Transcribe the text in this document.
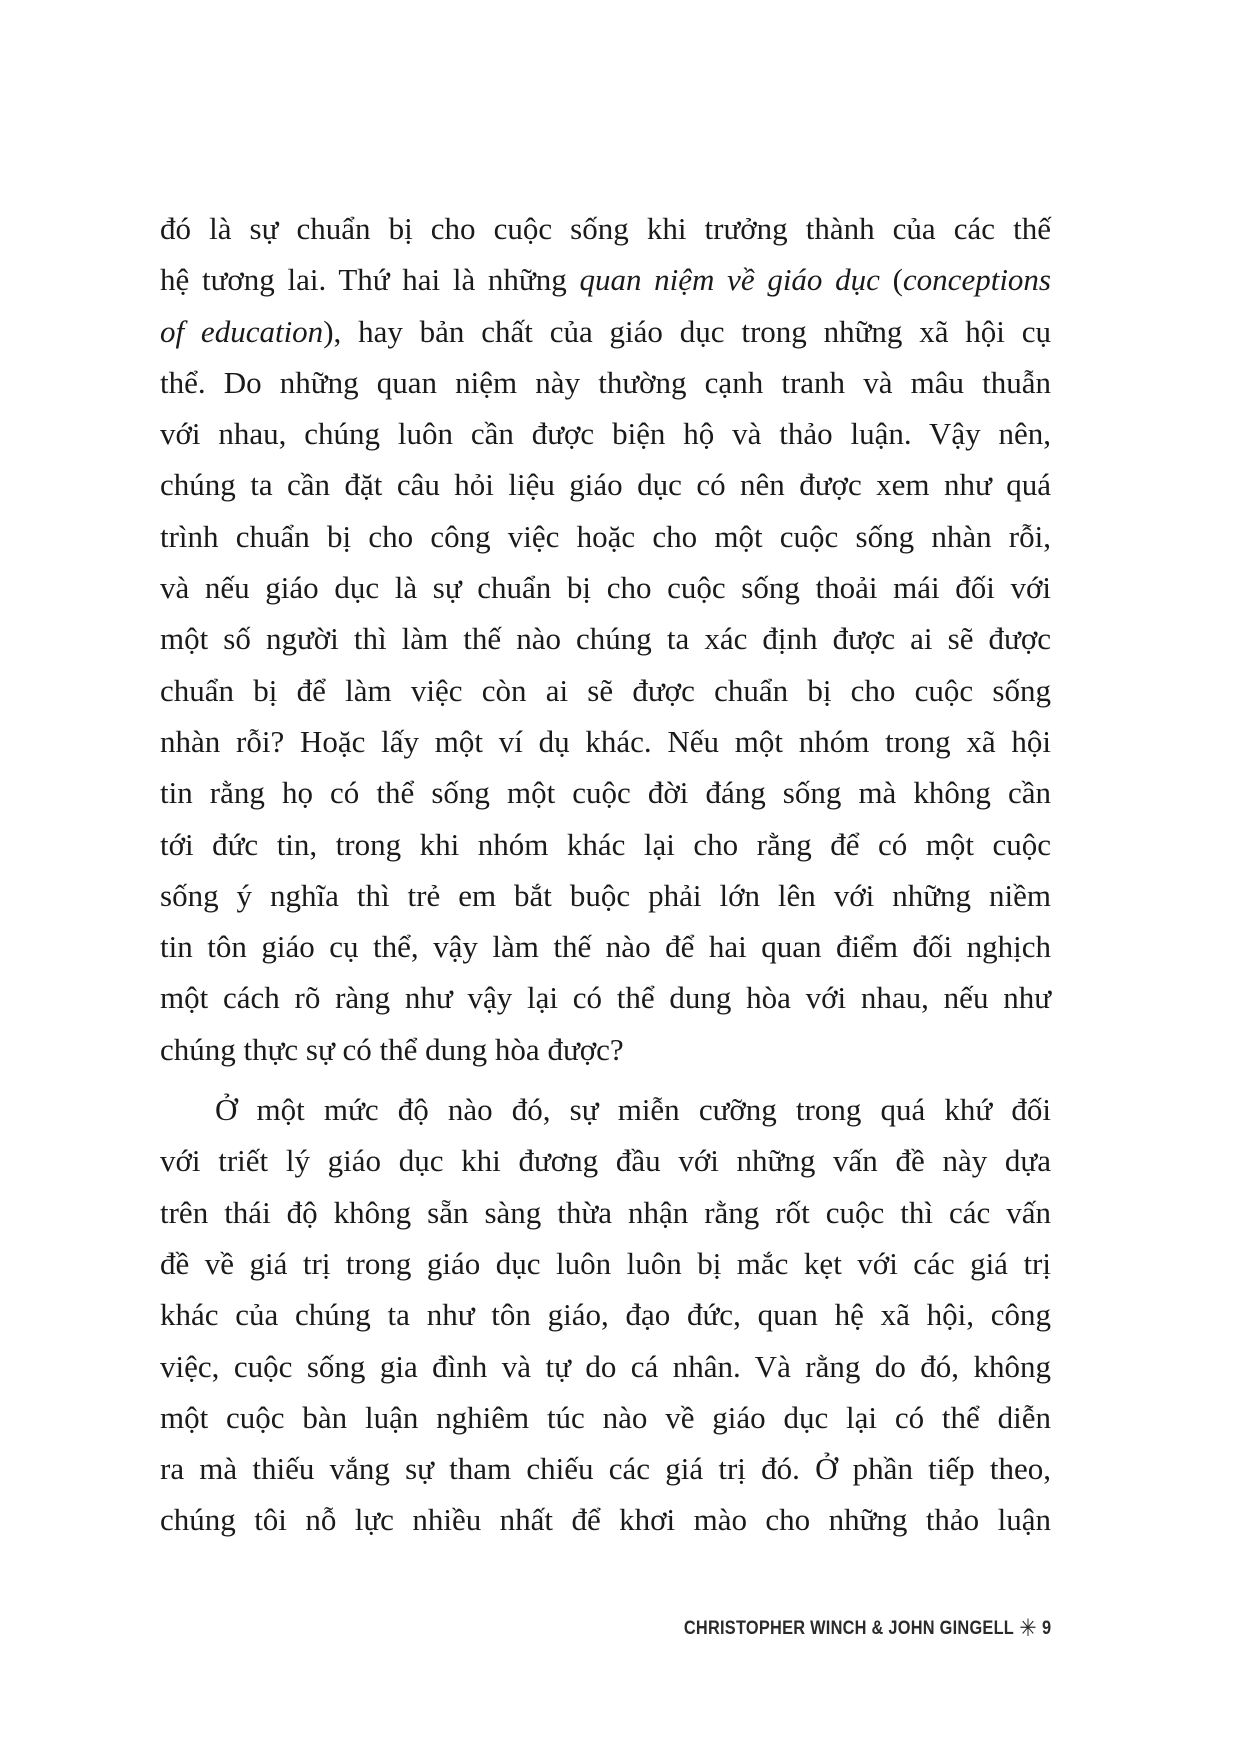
đó là sự chuẩn bị cho cuộc sống khi trưởng thành của các thế
hệ tương lai. Thứ hai là những quan niệm về giáo dục (conceptions
of education), hay bản chất của giáo dục trong những xã hội cụ
thể. Do những quan niệm này thường cạnh tranh và mâu thuẫn
với nhau, chúng luôn cần được biện hộ và thảo luận. Vậy nên,
chúng ta cần đặt câu hỏi liệu giáo dục có nên được xem như quá
trình chuẩn bị cho công việc hoặc cho một cuộc sống nhàn rỗi,
và nếu giáo dục là sự chuẩn bị cho cuộc sống thoải mái đối với
một số người thì làm thế nào chúng ta xác định được ai sẽ được
chuẩn bị để làm việc còn ai sẽ được chuẩn bị cho cuộc sống
nhàn rỗi? Hoặc lấy một ví dụ khác. Nếu một nhóm trong xã hội
tin rằng họ có thể sống một cuộc đời đáng sống mà không cần
tới đức tin, trong khi nhóm khác lại cho rằng để có một cuộc
sống ý nghĩa thì trẻ em bắt buộc phải lớn lên với những niềm
tin tôn giáo cụ thể, vậy làm thế nào để hai quan điểm đối nghịch
một cách rõ ràng như vậy lại có thể dung hòa với nhau, nếu như
chúng thực sự có thể dung hòa được?
Ở một mức độ nào đó, sự miễn cưỡng trong quá khứ đối
với triết lý giáo dục khi đương đầu với những vấn đề này dựa
trên thái độ không sẵn sàng thừa nhận rằng rốt cuộc thì các vấn
đề về giá trị trong giáo dục luôn luôn bị mắc kẹt với các giá trị
khác của chúng ta như tôn giáo, đạo đức, quan hệ xã hội, công
việc, cuộc sống gia đình và tự do cá nhân. Và rằng do đó, không
một cuộc bàn luận nghiêm túc nào về giáo dục lại có thể diễn
ra mà thiếu vắng sự tham chiếu các giá trị đó. Ở phần tiếp theo,
chúng tôi nỗ lực nhiều nhất để khơi mào cho những thảo luận
CHRISTOPHER WINCH & JOHN GINGELL ✳ 9
